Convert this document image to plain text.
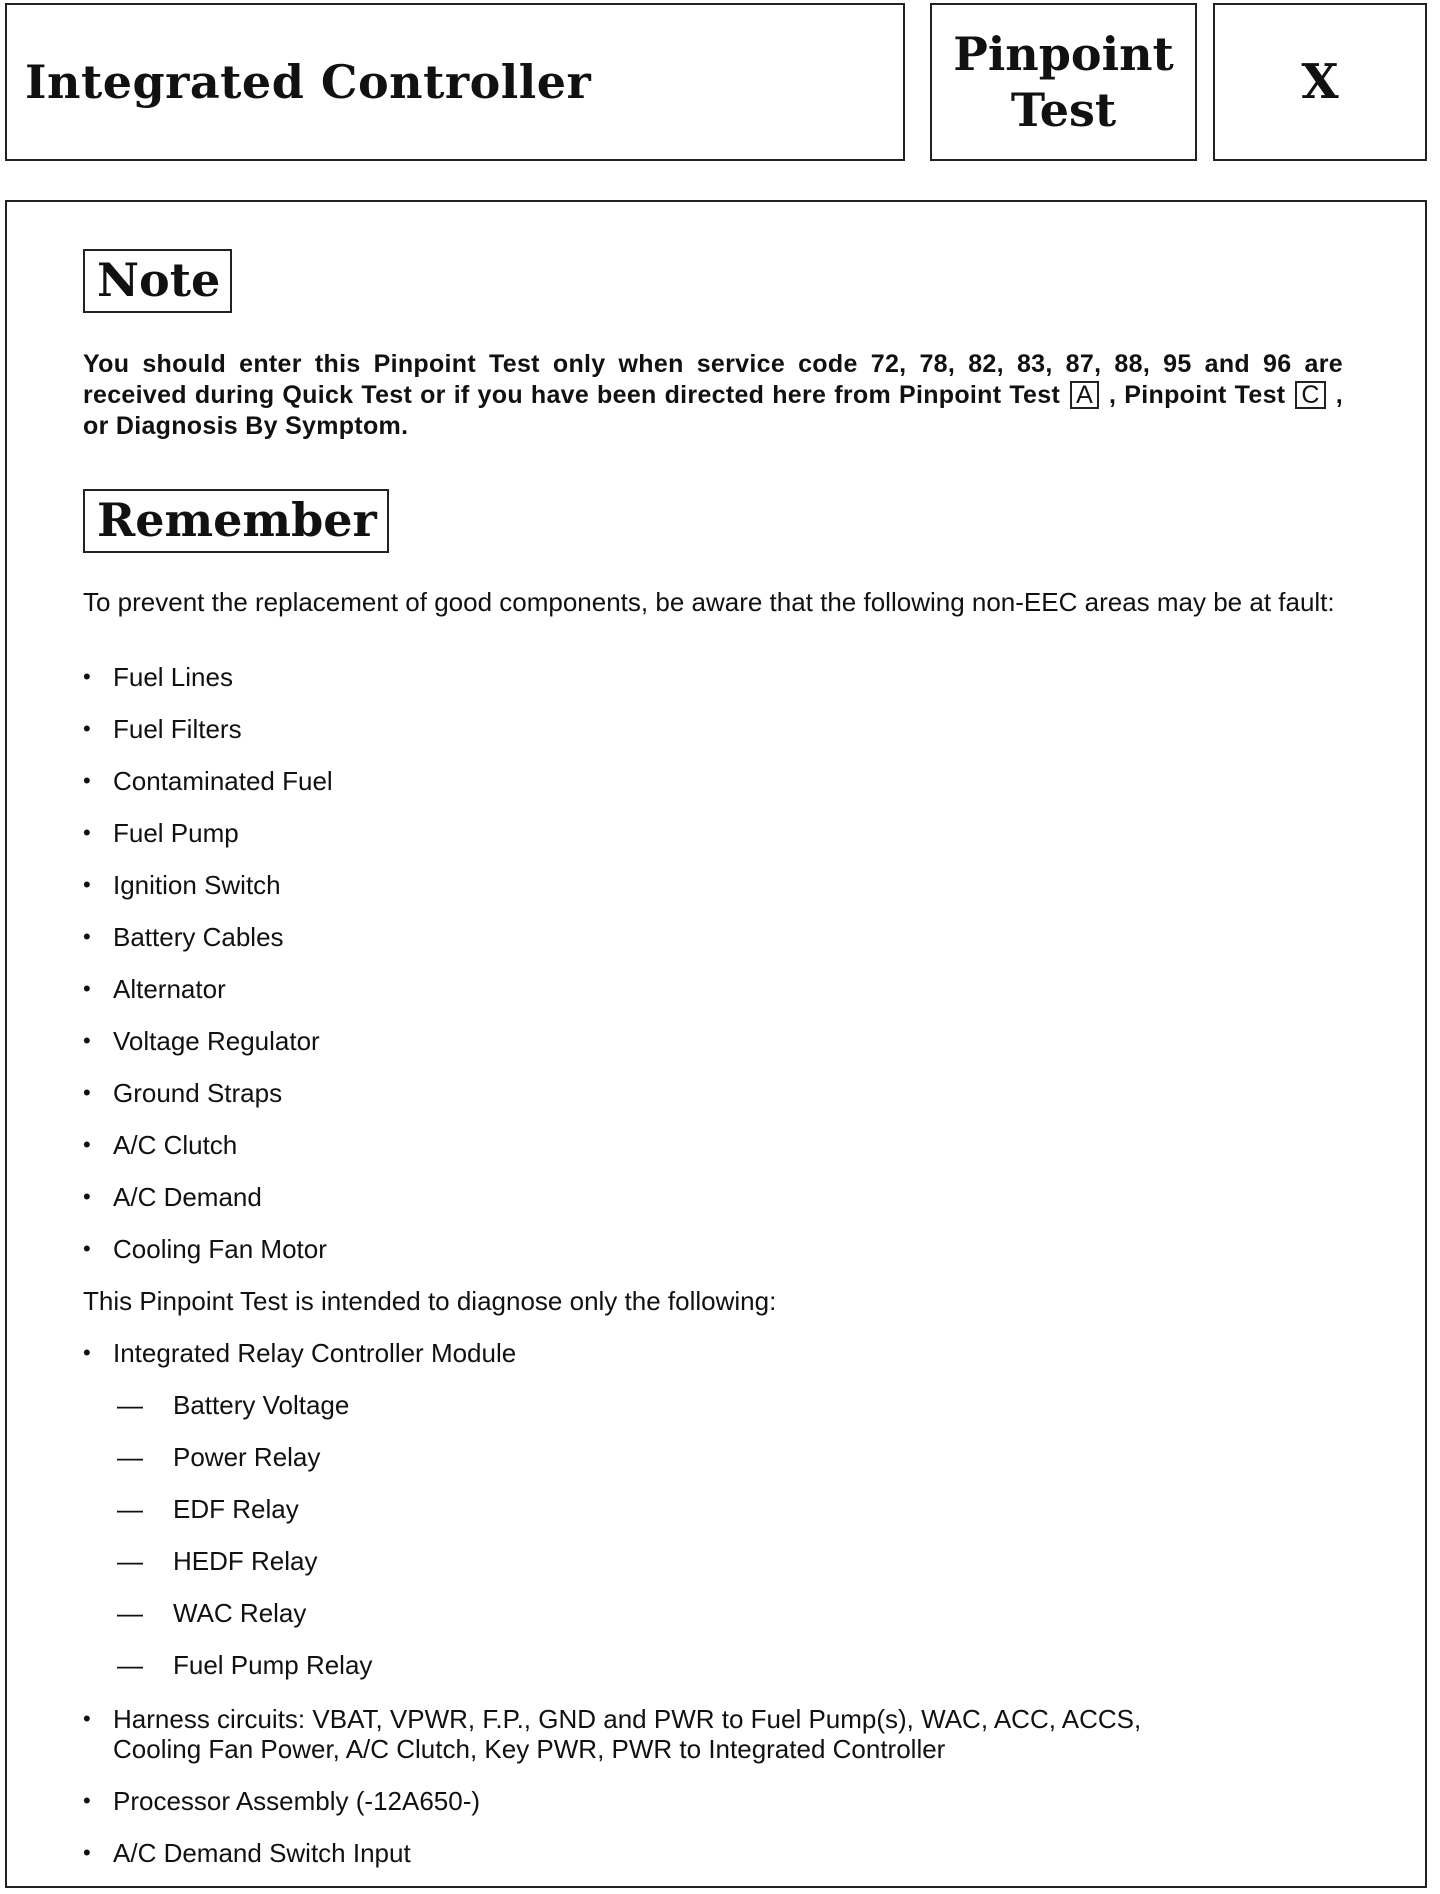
Integrated Controller
Pinpoint
Test	X
Note

You should enter this Pinpoint Test only when service code 72, 78, 82, 83, 87, 88, 95 and 96 are received during Quick Test or if you have been directed here from Pinpoint Test A , Pinpoint Test C , or Diagnosis By Symptom.

Remember

To prevent the replacement of good components, be aware that the following non-EEC areas may be at fault:

• Fuel Lines
• Fuel Filters
• Contaminated Fuel
• Fuel Pump
• Ignition Switch
• Battery Cables
• Alternator
• Voltage Regulator
• Ground Straps
• A/C Clutch
• A/C Demand
• Cooling Fan Motor
This Pinpoint Test is intended to diagnose only the following:
• Integrated Relay Controller Module
— Battery Voltage
— Power Relay
— EDF Relay
— HEDF Relay
— WAC Relay
— Fuel Pump Relay
• Harness circuits: VBAT, VPWR, F.P., GND and PWR to Fuel Pump(s), WAC, ACC, ACCS,
Cooling Fan Power, A/C Clutch, Key PWR, PWR to Integrated Controller
• Processor Assembly (-12A650-)
• A/C Demand Switch Input
